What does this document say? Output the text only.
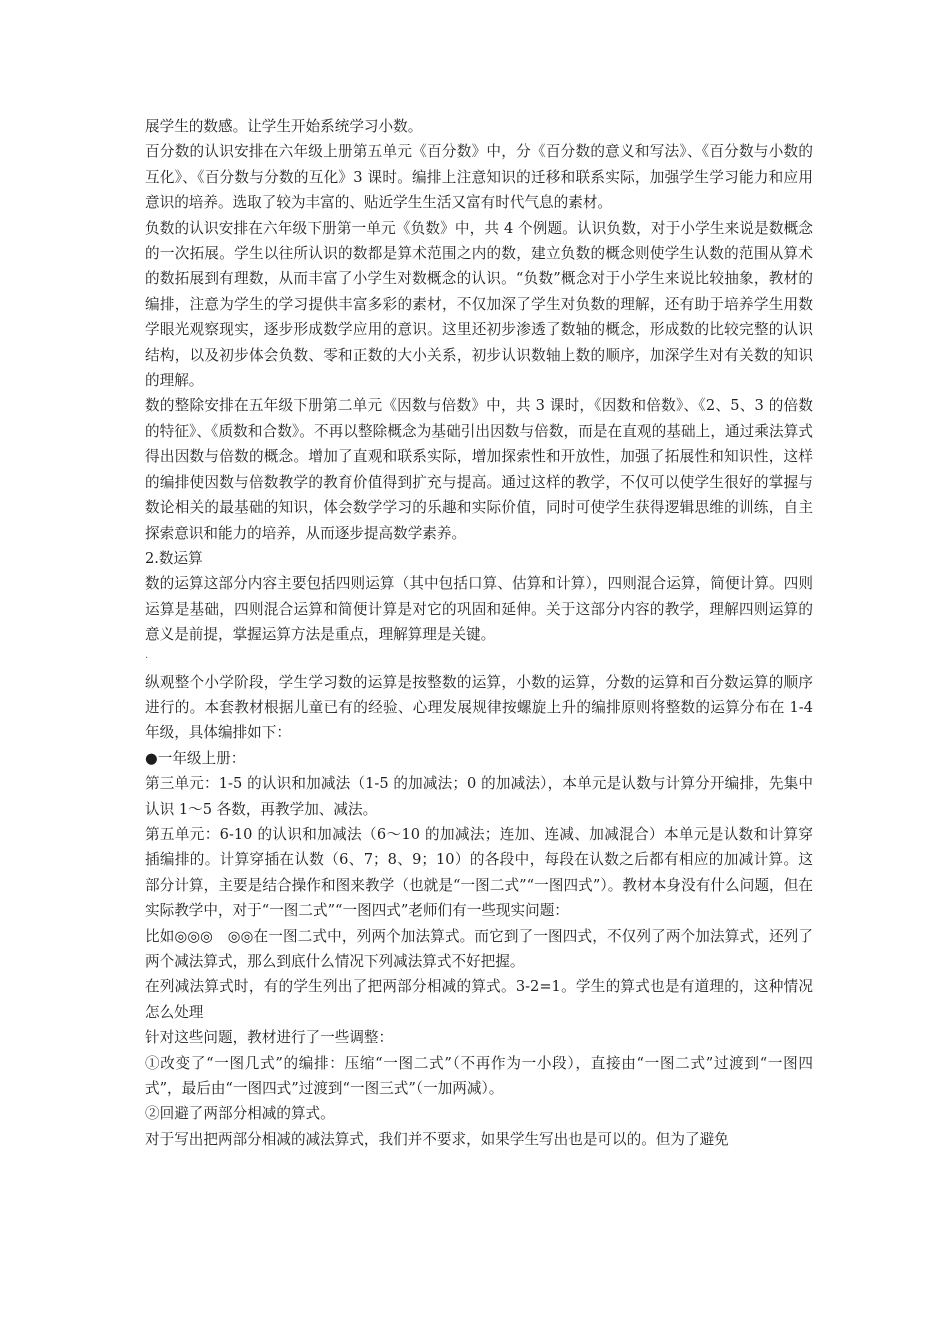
展学生的数感。让学生开始系统学习小数。

百分数的认识安排在六年级上册第五单元《百分数》中，分《百分数的意义和写法》、《百分数与小数的互化》、《百分数与分数的互化》3 课时。编排上注意知识的迁移和联系实际，加强学生学习能力和应用意识的培养。选取了较为丰富的、贴近学生生活又富有时代气息的素材。

负数的认识安排在六年级下册第一单元《负数》中，共 4 个例题。认识负数，对于小学生来说是数概念的一次拓展。学生以往所认识的数都是算术范围之内的数，建立负数的概念则使学生认数的范围从算术的数拓展到有理数，从而丰富了小学生对数概念的认识。“负数”概念对于小学生来说比较抽象，教材的编排，注意为学生的学习提供丰富多彩的素材，不仅加深了学生对负数的理解，还有助于培养学生用数学眼光观察现实，逐步形成数学应用的意识。这里还初步渗透了数轴的概念，形成数的比较完整的认识结构，以及初步体会负数、零和正数的大小关系，初步认识数轴上数的顺序，加深学生对有关数的知识的理解。

数的整除安排在五年级下册第二单元《因数与倍数》中，共 3 课时，《因数和倍数》、《2、5、3 的倍数的特征》、《质数和合数》。不再以整除概念为基础引出因数与倍数，而是在直观的基础上，通过乘法算式得出因数与倍数的概念。增加了直观和联系实际，增加探索性和开放性，加强了拓展性和知识性，这样的编排使因数与倍数教学的教育价值得到扩充与提高。通过这样的教学，不仅可以使学生很好的掌握与数论相关的最基础的知识，体会数学学习的乐趣和实际价值，同时可使学生获得逻辑思维的训练，自主探索意识和能力的培养，从而逐步提高数学素养。

2.数运算

数的运算这部分内容主要包括四则运算（其中包括口算、估算和计算），四则混合运算，简便计算。四则运算是基础，四则混合运算和简便计算是对它的巩固和延伸。关于这部分内容的教学，理解四则运算的意义是前提，掌握运算方法是重点，理解算理是关键。

·

纵观整个小学阶段，学生学习数的运算是按整数的运算，小数的运算，分数的运算和百分数运算的顺序进行的。本套教材根据儿童已有的经验、心理发展规律按螺旋上升的编排原则将整数的运算分布在 1-4 年级，具体编排如下：

●一年级上册：

第三单元：1-5 的认识和加减法（1-5 的加减法；0 的加减法），本单元是认数与计算分开编排，先集中认识 1～5 各数，再教学加、减法。

第五单元：6-10 的认识和加减法（6～10 的加减法；连加、连减、加减混合）本单元是认数和计算穿插编排的。计算穿插在认数（6、7；8、9；10）的各段中，每段在认数之后都有相应的加减计算。这部分计算，主要是结合操作和图来教学（也就是“一图二式”“一图四式”）。教材本身没有什么问题，但在实际教学中，对于“一图二式”“一图四式”老师们有一些现实问题：

比如◎◎◎　◎◎在一图二式中，列两个加法算式。而它到了一图四式，不仅列了两个加法算式，还列了两个减法算式，那么到底什么情况下列减法算式不好把握。

在列减法算式时，有的学生列出了把两部分相减的算式。3-2=1。学生的算式也是有道理的，这种情况怎么处理

针对这些问题，教材进行了一些调整：

①改变了“一图几式”的编排：压缩“一图二式”（不再作为一小段），直接由“一图二式”过渡到“一图四式”，最后由“一图四式”过渡到“一图三式”（一加两减）。

②回避了两部分相减的算式。

对于写出把两部分相减的减法算式，我们并不要求，如果学生写出也是可以的。但为了避免
